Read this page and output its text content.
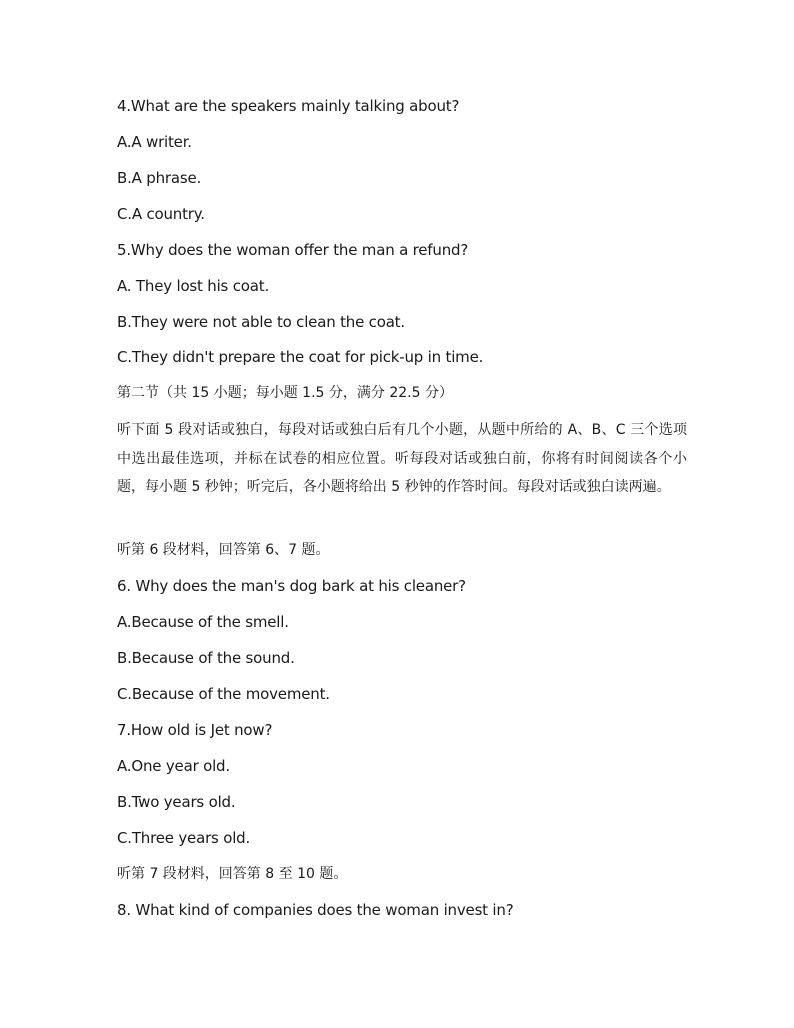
4.What are the speakers mainly talking about?
A.A writer.
B.A phrase.
C.A country.
5.Why does the woman offer the man a refund?
A. They lost his coat.
B.They were not able to clean the coat.
C.They didn't prepare the coat for pick-up in time.
第二节（共 15 小题；每小题 1.5 分，满分 22.5 分）
听下面 5 段对话或独白，每段对话或独白后有几个小题，从题中所给的 A、B、C 三个选项中选出最佳选项，并标在试卷的相应位置。听每段对话或独白前，你将有时间阅读各个小题，每小题 5 秒钟；听完后，各小题将给出 5 秒钟的作答时间。每段对话或独白读两遍。
听第 6 段材料，回答第 6、7 题。
6. Why does the man's dog bark at his cleaner?
A.Because of the smell.
B.Because of the sound.
C.Because of the movement.
7.How old is Jet now?
A.One year old.
B.Two years old.
C.Three years old.
听第 7 段材料，回答第 8 至 10 题。
8. What kind of companies does the woman invest in?
